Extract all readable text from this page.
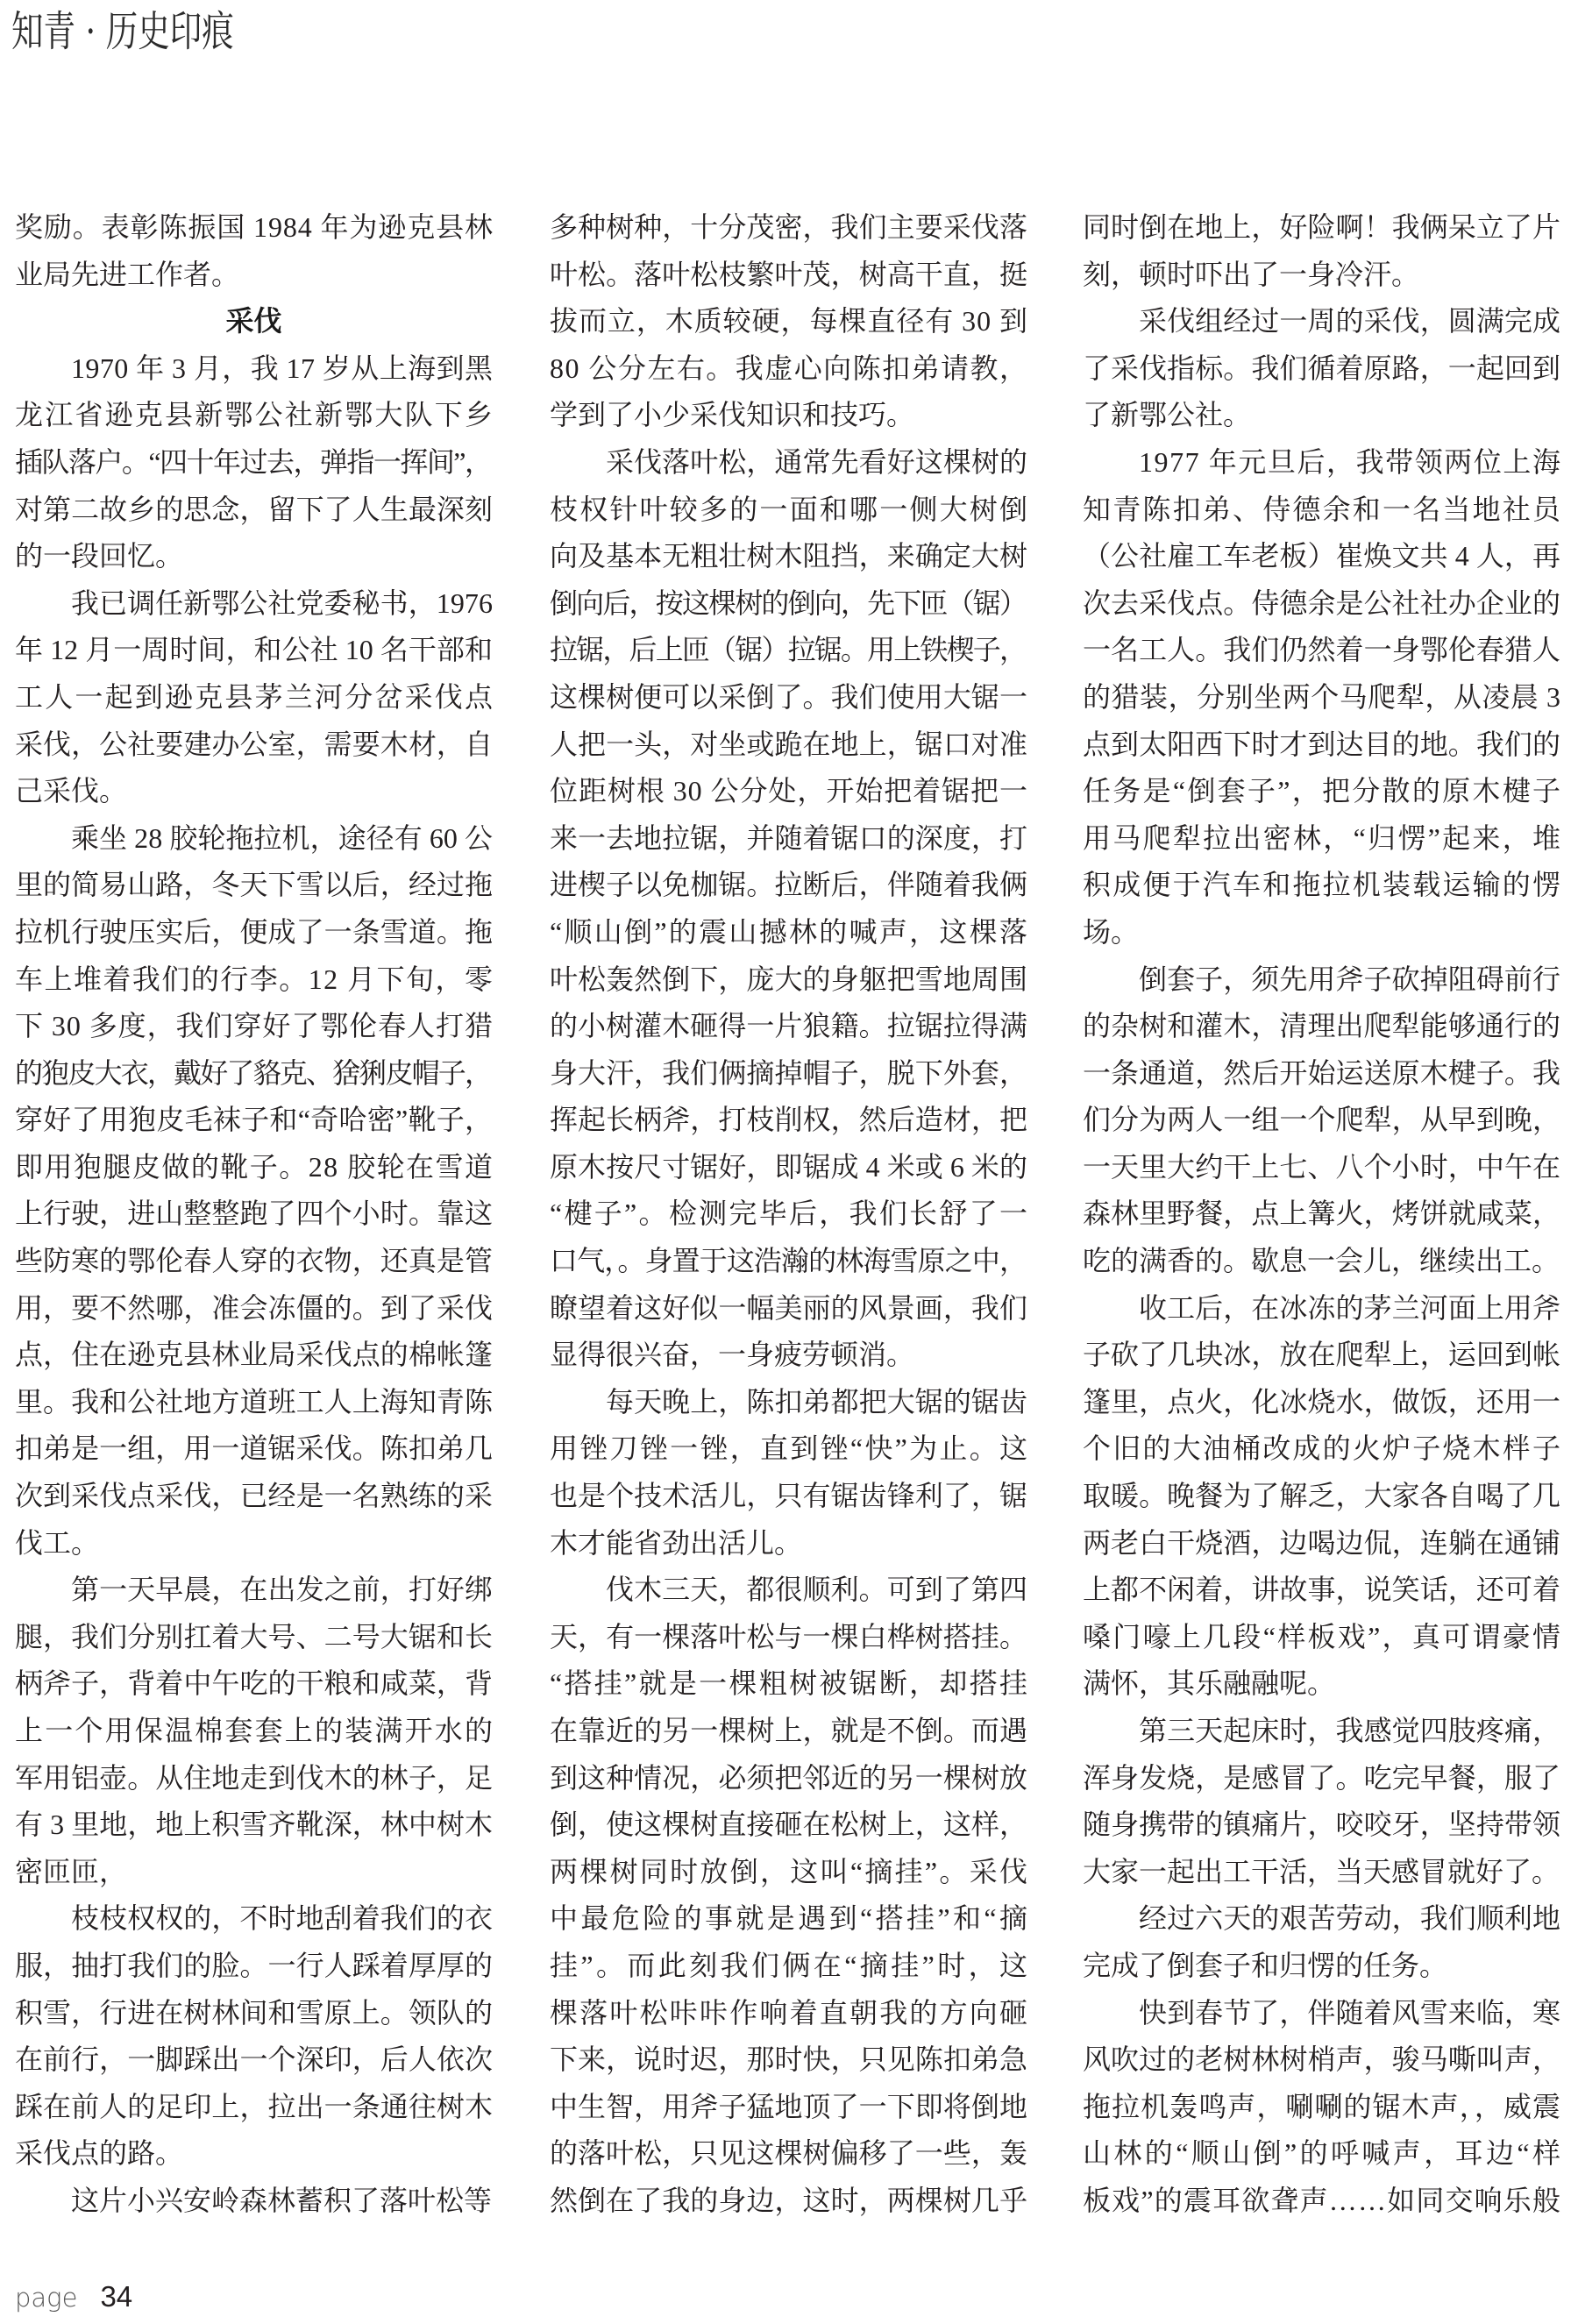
知青 · 历史印痕
奖励。表彰陈振国 1984 年为逊克县林
业局先进工作者。
采伐
1970 年 3 月，我 17 岁从上海到黑
龙江省逊克县新鄂公社新鄂大队下乡
插队落户。“四十年过去，弹指一挥间”，
对第二故乡的思念，留下了人生最深刻
的一段回忆。
我已调任新鄂公社党委秘书，1976
年 12 月一周时间，和公社 10 名干部和
工人一起到逊克县茅兰河分岔采伐点
采伐，公社要建办公室，需要木材，自
己采伐。
乘坐 28 胶轮拖拉机，途径有 60 公
里的简易山路，冬天下雪以后，经过拖
拉机行驶压实后，便成了一条雪道。拖
车上堆着我们的行李。12 月下旬，零
下 30 多度，我们穿好了鄂伦春人打猎
的狍皮大衣，戴好了貉克、猞猁皮帽子，
穿好了用狍皮毛袜子和“奇哈密”靴子，
即用狍腿皮做的靴子。28 胶轮在雪道
上行驶，进山整整跑了四个小时。靠这
些防寒的鄂伦春人穿的衣物，还真是管
用，要不然哪，准会冻僵的。到了采伐
点，住在逊克县林业局采伐点的棉帐篷
里。我和公社地方道班工人上海知青陈
扣弟是一组，用一道锯采伐。陈扣弟几
次到采伐点采伐，已经是一名熟练的采
伐工。
第一天早晨，在出发之前，打好绑
腿，我们分别扛着大号、二号大锯和长
柄斧子，背着中午吃的干粮和咸菜，背
上一个用保温棉套套上的装满开水的
军用铝壶。从住地走到伐木的林子，足
有 3 里地，地上积雪齐靴深，林中树木
密匝匝，
枝枝权权的，不时地刮着我们的衣
服，抽打我们的脸。一行人踩着厚厚的
积雪，行进在树林间和雪原上。领队的
在前行，一脚踩出一个深印，后人依次
踩在前人的足印上，拉出一条通往树木
采伐点的路。
这片小兴安岭森林蓄积了落叶松等
多种树种，十分茂密，我们主要采伐落
叶松。落叶松枝繁叶茂，树高干直，挺
拔而立，木质较硬，每棵直径有 30 到
80 公分左右。我虚心向陈扣弟请教，
学到了小少采伐知识和技巧。
采伐落叶松，通常先看好这棵树的
枝权针叶较多的一面和哪一侧大树倒
向及基本无粗壮树木阻挡，来确定大树
倒向后，按这棵树的倒向，先下匝（锯）
拉锯，后上匝（锯）拉锯。用上铁楔子，
这棵树便可以采倒了。我们使用大锯一
人把一头，对坐或跪在地上，锯口对准
位距树根 30 公分处，开始把着锯把一
来一去地拉锯，并随着锯口的深度，打
进楔子以免枷锯。拉断后，伴随着我俩
“顺山倒”的震山撼林的喊声，这棵落
叶松轰然倒下，庞大的身躯把雪地周围
的小树灌木砸得一片狼籍。拉锯拉得满
身大汗，我们俩摘掉帽子，脱下外套，
挥起长柄斧，打枝削权，然后造材，把
原木按尺寸锯好，即锯成 4 米或 6 米的
“楗子”。检测完毕后，我们长舒了一
口气，。身置于这浩瀚的林海雪原之中，
瞭望着这好似一幅美丽的风景画，我们
显得很兴奋，一身疲劳顿消。
每天晚上，陈扣弟都把大锯的锯齿
用锉刀锉一锉，直到锉“快”为止。这
也是个技术活儿，只有锯齿锋利了，锯
木才能省劲出活儿。
伐木三天，都很顺利。可到了第四
天，有一棵落叶松与一棵白桦树搭挂。
“搭挂”就是一棵粗树被锯断，却搭挂
在靠近的另一棵树上，就是不倒。而遇
到这种情况，必须把邻近的另一棵树放
倒，使这棵树直接砸在松树上，这样，
两棵树同时放倒，这叫“摘挂”。采伐
中最危险的事就是遇到“搭挂”和“摘
挂”。而此刻我们俩在“摘挂”时，这
棵落叶松咔咔作响着直朝我的方向砸
下来，说时迟，那时快，只见陈扣弟急
中生智，用斧子猛地顶了一下即将倒地
的落叶松，只见这棵树偏移了一些，轰
然倒在了我的身边，这时，两棵树几乎
同时倒在地上，好险啊！我俩呆立了片
刻，顿时吓出了一身冷汗。
采伐组经过一周的采伐，圆满完成
了采伐指标。我们循着原路，一起回到
了新鄂公社。
1977 年元旦后，我带领两位上海
知青陈扣弟、侍德余和一名当地社员
（公社雇工车老板）崔焕文共 4 人，再
次去采伐点。侍德余是公社社办企业的
一名工人。我们仍然着一身鄂伦春猎人
的猎装，分别坐两个马爬犁，从凌晨 3
点到太阳西下时才到达目的地。我们的
任务是“倒套子”，把分散的原木楗子
用马爬犁拉出密林，“归愣”起来，堆
积成便于汽车和拖拉机装载运输的愣
场。
倒套子，须先用斧子砍掉阻碍前行
的杂树和灌木，清理出爬犁能够通行的
一条通道，然后开始运送原木楗子。我
们分为两人一组一个爬犁，从早到晚，
一天里大约干上七、八个小时，中午在
森林里野餐，点上篝火，烤饼就咸菜，
吃的满香的。歇息一会儿，继续出工。
收工后，在冰冻的茅兰河面上用斧
子砍了几块冰，放在爬犁上，运回到帐
篷里，点火，化冰烧水，做饭，还用一
个旧的大油桶改成的火炉子烧木柈子
取暖。晚餐为了解乏，大家各自喝了几
两老白干烧酒，边喝边侃，连躺在通铺
上都不闲着，讲故事，说笑话，还可着
嗓门嚎上几段“样板戏”，真可谓豪情
满怀，其乐融融呢。
第三天起床时，我感觉四肢疼痛，
浑身发烧，是感冒了。吃完早餐，服了
随身携带的镇痛片，咬咬牙，坚持带领
大家一起出工干活，当天感冒就好了。
经过六天的艰苦劳动，我们顺利地
完成了倒套子和归愣的任务。
快到春节了，伴随着风雪来临，寒
风吹过的老树林树梢声，骏马嘶叫声，
拖拉机轰鸣声，唰唰的锯木声，，威震
山林的“顺山倒”的呼喊声，耳边“样
板戏”的震耳欲聋声……如同交响乐般
page 34
